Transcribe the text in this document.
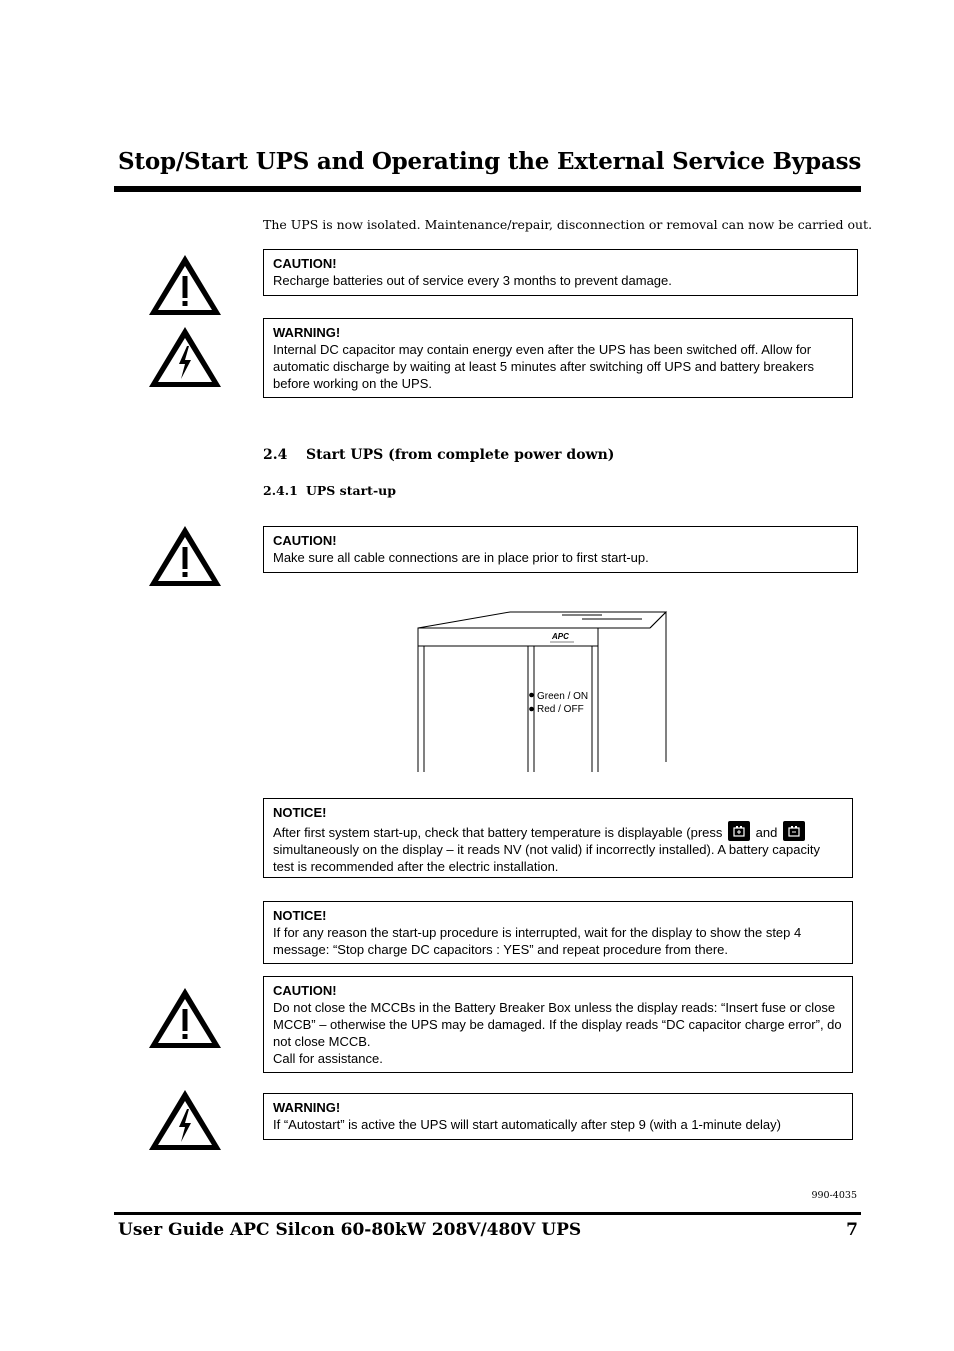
Stop/Start UPS and Operating the External Service Bypass
The UPS is now isolated. Maintenance/repair, disconnection or removal can now be carried out.
CAUTION!
Recharge batteries out of service every 3 months to prevent damage.
WARNING!
Internal DC capacitor may contain energy even after the UPS has been switched off. Allow for automatic discharge by waiting at least 5 minutes after switching off UPS and battery breakers before working on the UPS.
2.4 Start UPS (from complete power down)
2.4.1 UPS start-up
CAUTION!
Make sure all cable connections are in place prior to first start-up.
APC
Green / ON
Red / OFF
NOTICE!
After first system start-up, check that battery temperature is displayable (press	and
simultaneously on the display – it reads NV (not valid) if incorrectly installed). A battery capacity test is recommended after the electric installation.
NOTICE!
If for any reason the start-up procedure is interrupted, wait for the display to show the step 4 message: “Stop charge DC capacitors : YES” and repeat procedure from there.
CAUTION!
Do not close the MCCBs in the Battery Breaker Box unless the display reads: “Insert fuse or close MCCB” – otherwise the UPS may be damaged. If the display reads “DC capacitor charge error”, do not close MCCB.
Call for assistance.
WARNING!
If “Autostart” is active the UPS will start automatically after step 9 (with a 1-minute delay)
990-4035
User Guide APC Silcon 60-80kW 208V/480V UPS	7
